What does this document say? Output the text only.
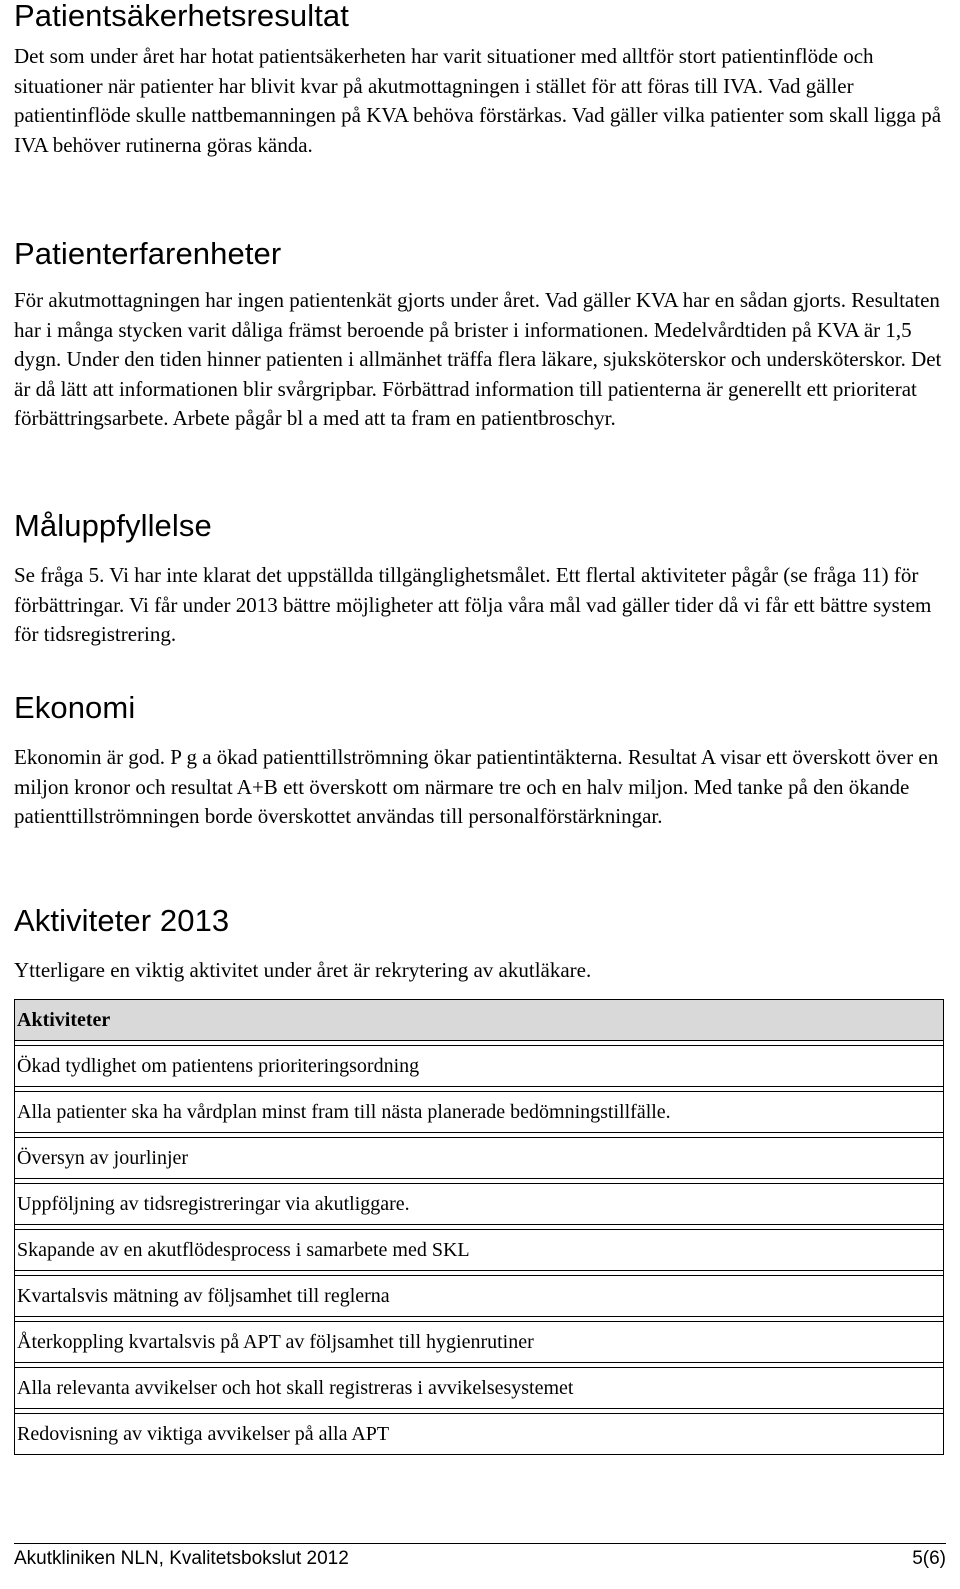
Patientsäkerhetsresultat

Det som under året har hotat patientsäkerheten har varit situationer med alltför stort patientinflöde och situationer när patienter har blivit kvar på akutmottagningen i stället för att föras till IVA. Vad gäller patientinflöde skulle nattbemanningen på KVA behöva förstärkas. Vad gäller vilka patienter som skall ligga på IVA behöver rutinerna göras kända.

Patienterfarenheter

För akutmottagningen har ingen patientenkät gjorts under året. Vad gäller KVA har en sådan gjorts. Resultaten har i många stycken varit dåliga främst beroende på brister i informationen. Medelvårdtiden på KVA är 1,5 dygn. Under den tiden hinner patienten i allmänhet träffa flera läkare, sjuksköterskor och undersköterskor. Det är då lätt att informationen blir svårgripbar. Förbättrad information till patienterna är generellt ett prioriterat förbättringsarbete. Arbete pågår bl a med att ta fram en patientbroschyr.

Måluppfyllelse

Se fråga 5. Vi har inte klarat det uppställda tillgänglighetsmålet. Ett flertal aktiviteter pågår (se fråga 11) för förbättringar. Vi får under 2013 bättre möjligheter att följa våra mål vad gäller tider då vi får ett bättre system för tidsregistrering.

Ekonomi

Ekonomin är god. P g a ökad patienttillströmning ökar patientintäkterna. Resultat A visar ett överskott över en miljon kronor och resultat A+B ett överskott om närmare tre och en halv miljon. Med tanke på den ökande patienttillströmningen borde överskottet användas till personalförstärkningar.

Aktiviteter 2013

Ytterligare en viktig aktivitet under året är rekrytering av akutläkare.

Aktiviteter

Ökad tydlighet om patientens prioriteringsordning

Alla patienter ska ha vårdplan minst fram till nästa planerade bedömningstillfälle.

Översyn av jourlinjer

Uppföljning av tidsregistreringar via akutliggare.

Skapande av en akutflödesprocess i samarbete med SKL

Kvartalsvis mätning av följsamhet till reglerna

Återkoppling kvartalsvis på APT av följsamhet till hygienrutiner

Alla relevanta avvikelser och hot skall registreras i avvikelsesystemet

Redovisning av viktiga avvikelser på alla APT
Akutkliniken NLN, Kvalitetsbokslut 2012	5(6)
